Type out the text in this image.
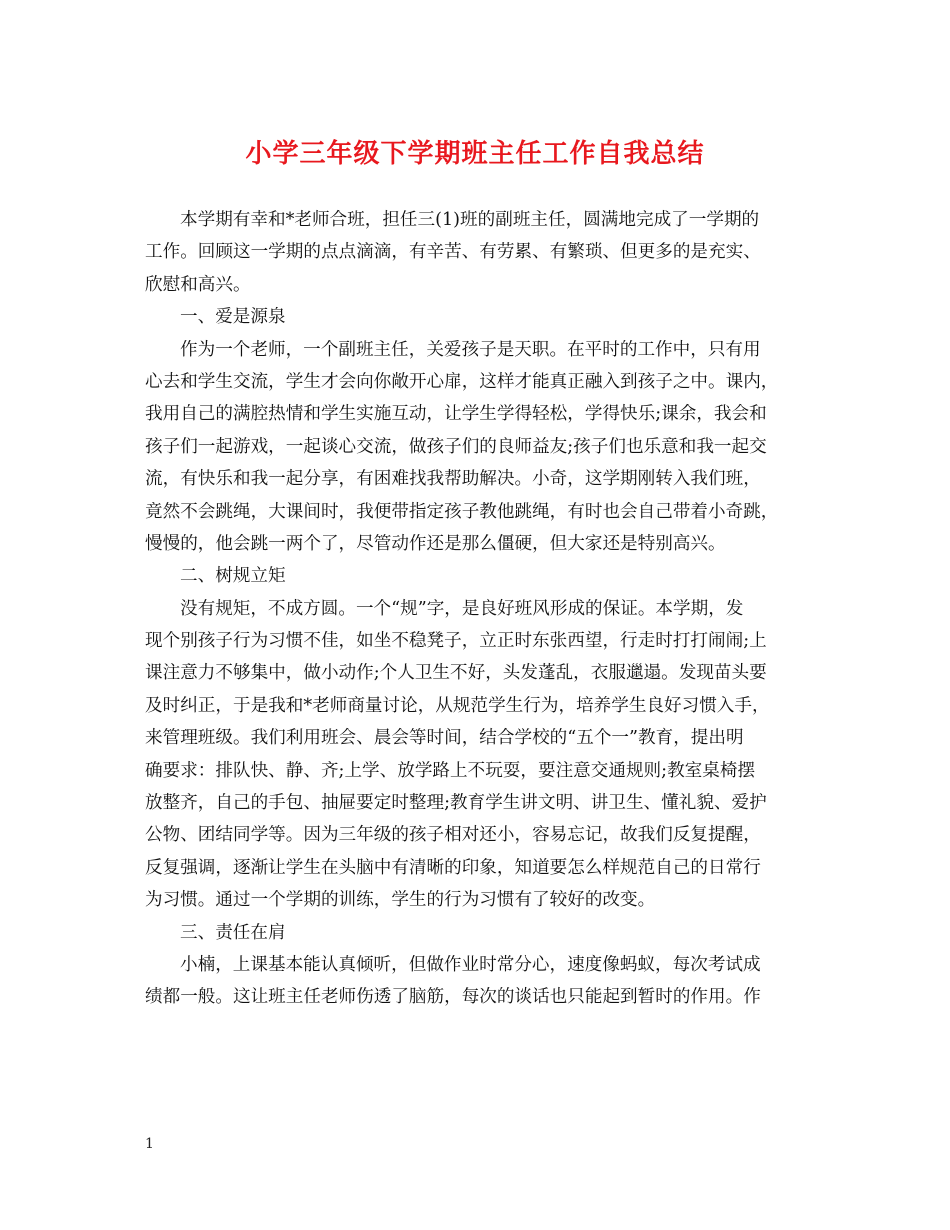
小学三年级下学期班主任工作自我总结

本学期有幸和*老师合班，担任三(1)班的副班主任，圆满地完成了一学期的

工作。回顾这一学期的点点滴滴，有辛苦、有劳累、有繁琐、但更多的是充实、

欣慰和高兴。

一、爱是源泉

作为一个老师，一个副班主任，关爱孩子是天职。在平时的工作中，只有用

心去和学生交流，学生才会向你敞开心扉，这样才能真正融入到孩子之中。课内，

我用自己的满腔热情和学生实施互动，让学生学得轻松，学得快乐;课余，我会和

孩子们一起游戏，一起谈心交流，做孩子们的良师益友;孩子们也乐意和我一起交

流，有快乐和我一起分享，有困难找我帮助解决。小奇，这学期刚转入我们班，

竟然不会跳绳，大课间时，我便带指定孩子教他跳绳，有时也会自己带着小奇跳，

慢慢的，他会跳一两个了，尽管动作还是那么僵硬，但大家还是特别高兴。

二、树规立矩

没有规矩，不成方圆。一个“规”字，是良好班风形成的保证。本学期，发

现个别孩子行为习惯不佳，如坐不稳凳子，立正时东张西望，行走时打打闹闹;上

课注意力不够集中，做小动作;个人卫生不好，头发蓬乱，衣服邋遢。发现苗头要

及时纠正，于是我和*老师商量讨论，从规范学生行为，培养学生良好习惯入手，

来管理班级。我们利用班会、晨会等时间，结合学校的“五个一”教育，提出明

确要求：排队快、静、齐;上学、放学路上不玩耍，要注意交通规则;教室桌椅摆

放整齐，自己的手包、抽屉要定时整理;教育学生讲文明、讲卫生、懂礼貌、爱护

公物、团结同学等。因为三年级的孩子相对还小，容易忘记，故我们反复提醒，

反复强调，逐渐让学生在头脑中有清晰的印象，知道要怎么样规范自己的日常行

为习惯。通过一个学期的训练，学生的行为习惯有了较好的改变。

三、责任在肩

小楠，上课基本能认真倾听，但做作业时常分心，速度像蚂蚁，每次考试成

绩都一般。这让班主任老师伤透了脑筋，每次的谈话也只能起到暂时的作用。作

1
